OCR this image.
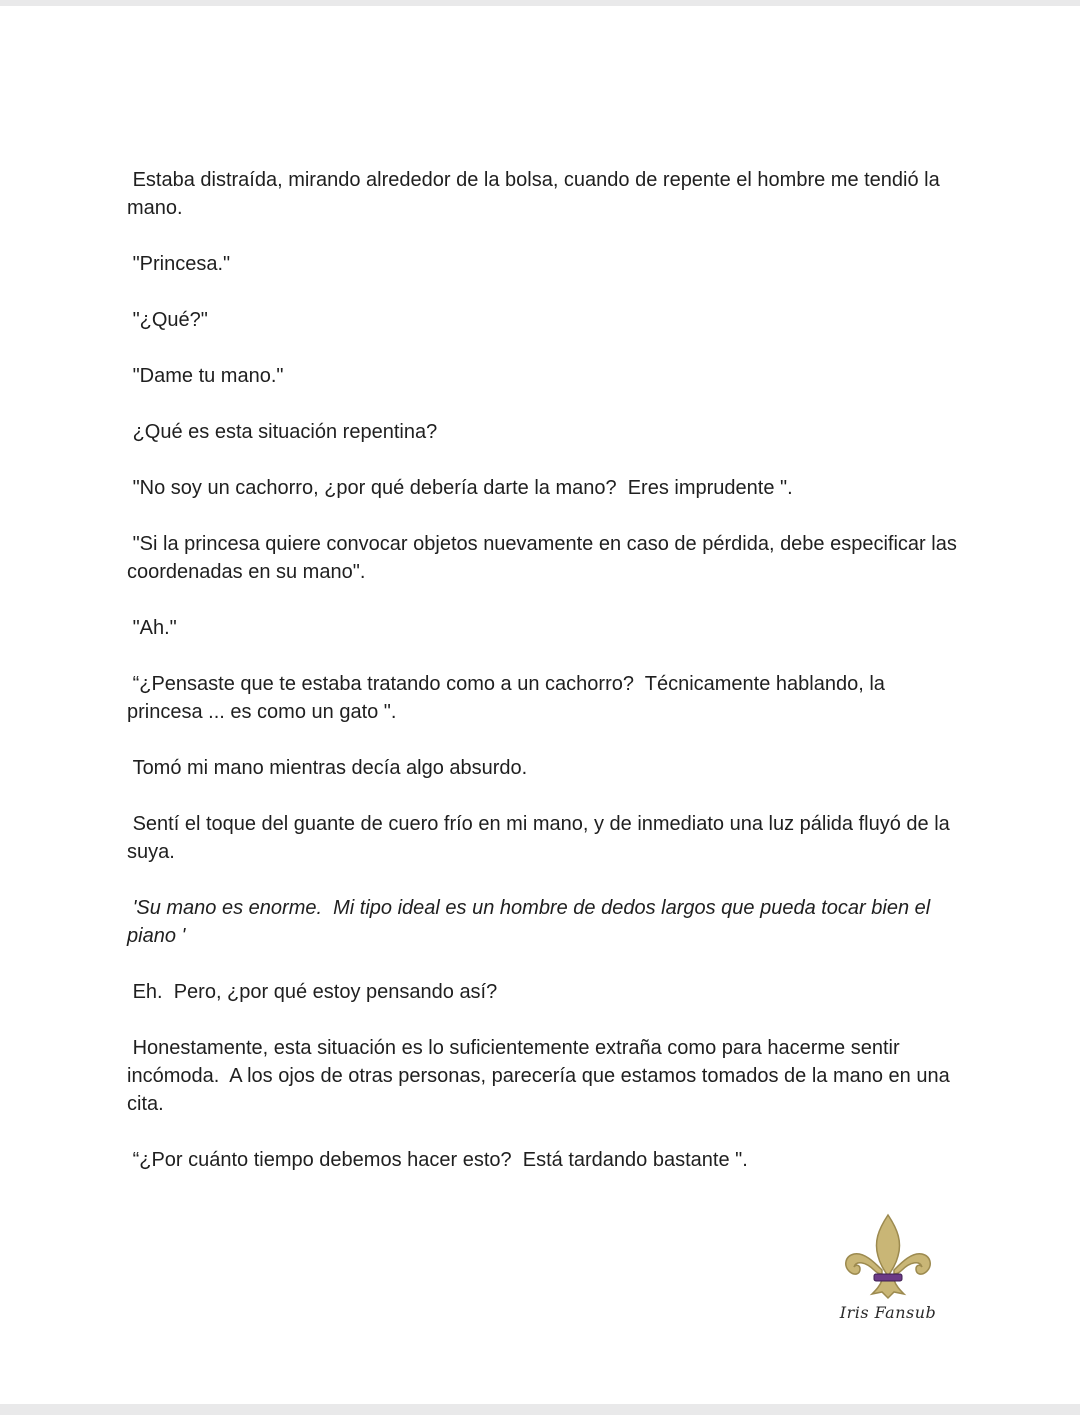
Estaba distraída, mirando alrededor de la bolsa, cuando de repente el hombre me tendió la mano.

"Princesa."

"¿Qué?"

"Dame tu mano."

¿Qué es esta situación repentina?

"No soy un cachorro, ¿por qué debería darte la mano?  Eres imprudente ".

"Si la princesa quiere convocar objetos nuevamente en caso de pérdida, debe especificar las coordenadas en su mano".

"Ah."

“¿Pensaste que te estaba tratando como a un cachorro?  Técnicamente hablando, la princesa ... es como un gato ".

Tomó mi mano mientras decía algo absurdo.

Sentí el toque del guante de cuero frío en mi mano, y de inmediato una luz pálida fluyó de la suya.

'Su mano es enorme.  Mi tipo ideal es un hombre de dedos largos que pueda tocar bien el piano '

Eh.  Pero, ¿por qué estoy pensando así?

Honestamente, esta situación es lo suficientemente extraña como para hacerme sentir incómoda.  A los ojos de otras personas, parecería que estamos tomados de la mano en una cita.

“¿Por cuánto tiempo debemos hacer esto?  Está tardando bastante ".

Iris Fansub
